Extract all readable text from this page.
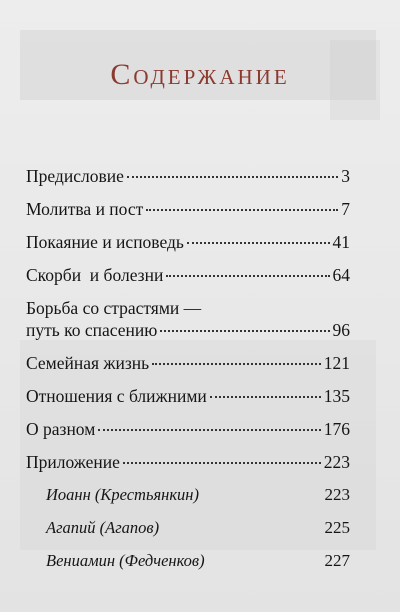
Содержание
Предисловие	3
Молитва и пост	7
Покаяние и исповедь	41
Скорби  и болезни	64
Борьба со страстями —
путь ко спасению	96
Семейная жизнь	121
Отношения с ближними	135
О разном	176
Приложение	223
Иоанн (Крестьянкин)	223
Агапий (Агапов)	225
Вениамин (Федченков)	227
